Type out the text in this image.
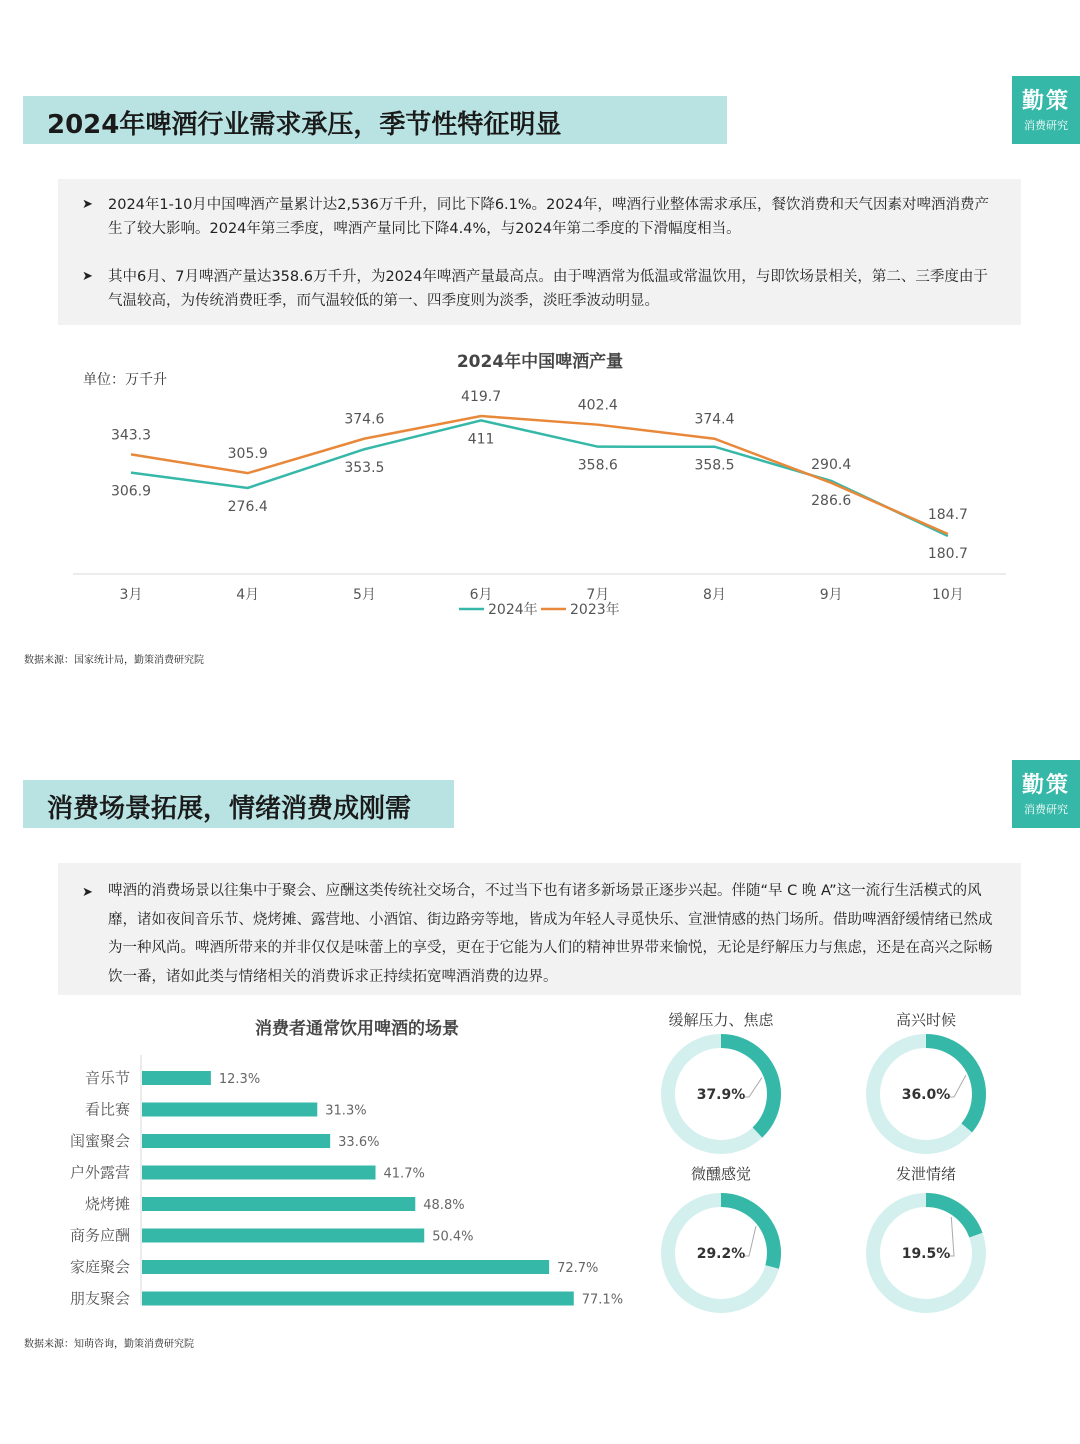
2024年啤酒行业需求承压，季节性特征明显
勤策
消费研究
➤ 2024年1-10月中国啤酒产量累计达2,536万千升，同比下降6.1%。2024年，啤酒行业整体需求承压，餐饮消费和天气因素对啤酒消费产生了较大影响。2024年第三季度，啤酒产量同比下降4.4%，与2024年第二季度的下滑幅度相当。
➤ 其中6月、7月啤酒产量达358.6万千升，为2024年啤酒产量最高点。由于啤酒常为低温或常温饮用，与即饮场景相关，第二、三季度由于气温较高，为传统消费旺季，而气温较低的第一、四季度则为淡季，淡旺季波动明显。
2024年中国啤酒产量
单位：万千升
3月	4月	5月	6月	7月	8月	9月	10月
343.3
306.9
305.9
276.4
374.6
353.5
419.7
411
402.4
358.6
374.4
358.5
286.6
290.4
184.7
180.7
2024年 2023年
数据来源：国家统计局，勤策消费研究院
消费场景拓展，情绪消费成刚需
勤策
消费研究
➤ 啤酒的消费场景以往集中于聚会、应酬这类传统社交场合，不过当下也有诸多新场景正逐步兴起。伴随“早 C 晚 A”这一流行生活模式的风靡，诸如夜间音乐节、烧烤摊、露营地、小酒馆、街边路旁等地，皆成为年轻人寻觅快乐、宣泄情感的热门场所。借助啤酒舒缓情绪已然成为一种风尚。啤酒所带来的并非仅仅是味蕾上的享受，更在于它能为人们的精神世界带来愉悦，无论是纾解压力与焦虑，还是在高兴之际畅饮一番，诸如此类与情绪相关的消费诉求正持续拓宽啤酒消费的边界。
消费者通常饮用啤酒的场景
音乐节	12.3%
看比赛	31.3%
闺蜜聚会	33.6%
户外露营	41.7%
烧烤摊	48.8%
商务应酬	50.4%
家庭聚会	72.7%
朋友聚会	77.1%
缓解压力、焦虑
37.9%
高兴时候
36.0%
微醺感觉
29.2%
发泄情绪
19.5%
数据来源：知萌咨询，勤策消费研究院
